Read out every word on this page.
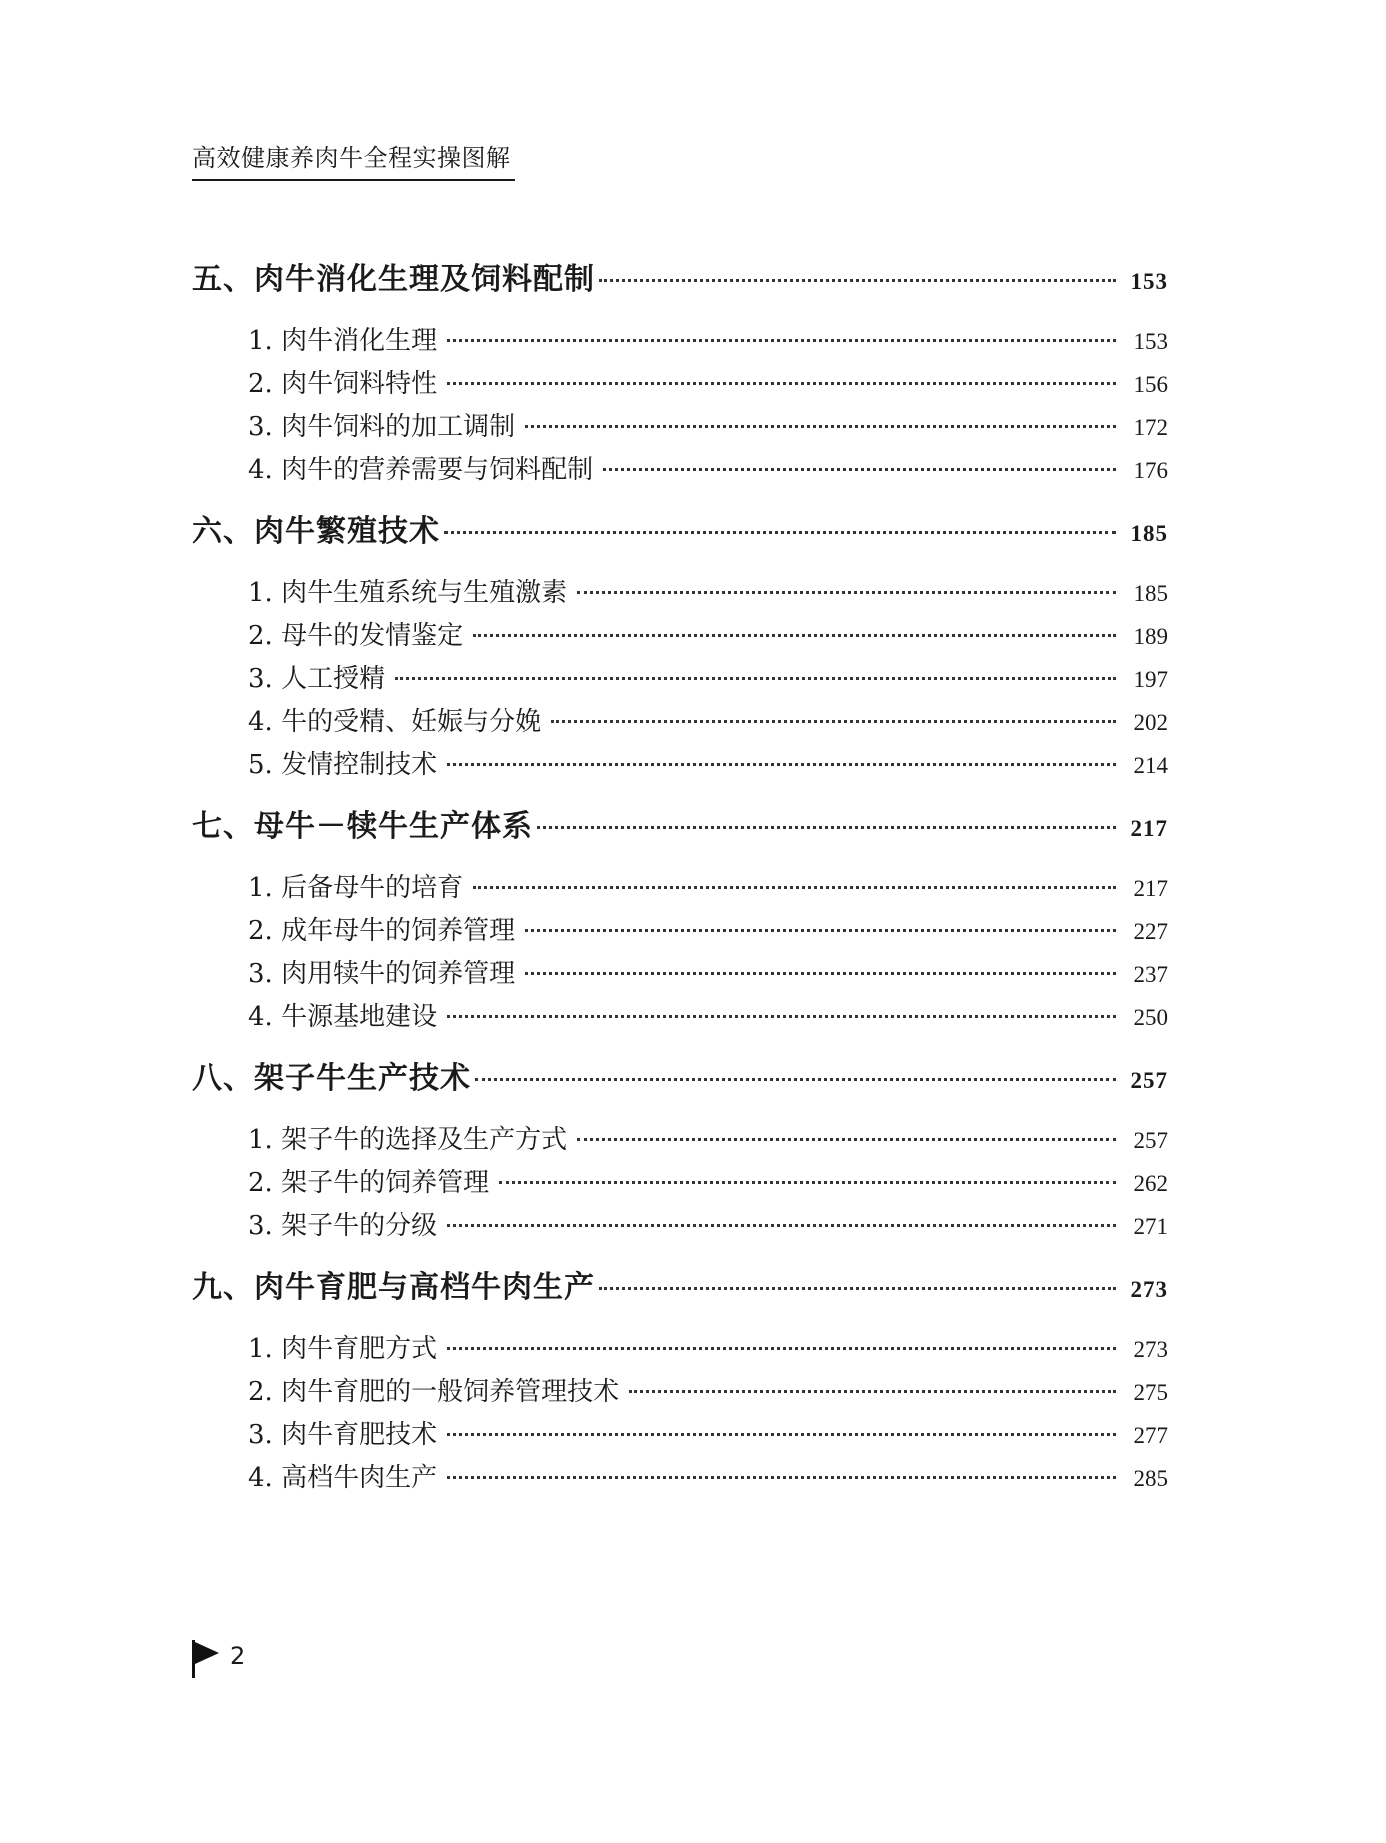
高效健康养肉牛全程实操图解
五、肉牛消化生理及饲料配制	153
1. 肉牛消化生理	153
2. 肉牛饲料特性	156
3. 肉牛饲料的加工调制	172
4. 肉牛的营养需要与饲料配制	176
六、肉牛繁殖技术	185
1. 肉牛生殖系统与生殖激素	185
2. 母牛的发情鉴定	189
3. 人工授精	197
4. 牛的受精、妊娠与分娩	202
5. 发情控制技术	214
七、母牛－犊牛生产体系	217
1. 后备母牛的培育	217
2. 成年母牛的饲养管理	227
3. 肉用犊牛的饲养管理	237
4. 牛源基地建设	250
八、架子牛生产技术	257
1. 架子牛的选择及生产方式	257
2. 架子牛的饲养管理	262
3. 架子牛的分级	271
九、肉牛育肥与高档牛肉生产	273
1. 肉牛育肥方式	273
2. 肉牛育肥的一般饲养管理技术	275
3. 肉牛育肥技术	277
4. 高档牛肉生产	285
2
